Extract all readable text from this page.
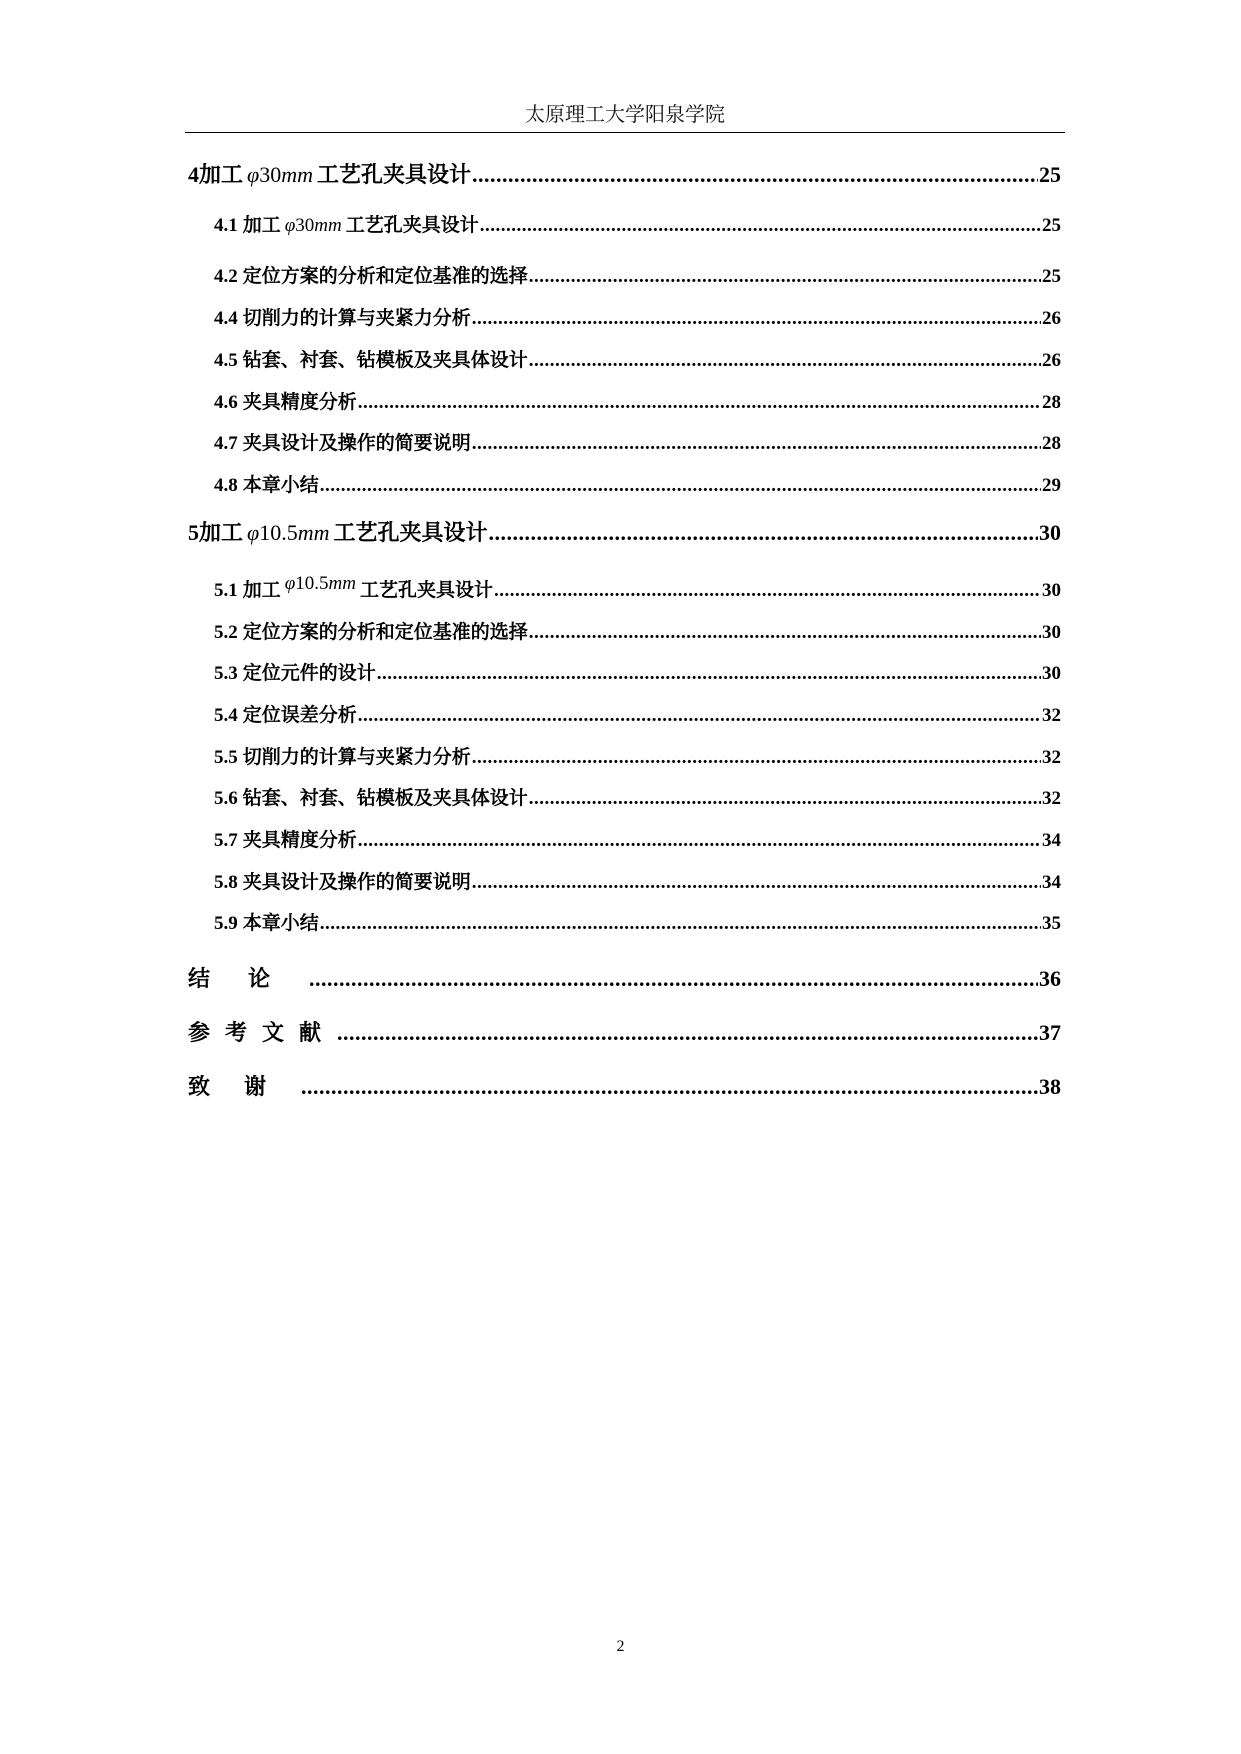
太原理工大学阳泉学院
4 加工 φ30mm 工艺孔夹具设计 .....	25
4.1 加工 φ30mm 工艺孔夹具设计 .....	25
4.2 定位方案的分析和定位基准的选择 .....	25
4.4 切削力的计算与夹紧力分析 .....	26
4.5 钻套、衬套、钻模板及夹具体设计 .....	26
4.6 夹具精度分析 .....	28
4.7 夹具设计及操作的简要说明 .....	28
4.8 本章小结 .....	29
5 加工 φ10.5mm 工艺孔夹具设计 .....	30
5.1 加工 φ10.5mm 工艺孔夹具设计 .....	30
5.2 定位方案的分析和定位基准的选择 .....	30
5.3 定位元件的设计 .....	30
5.4 定位误差分析 .....	32
5.5 切削力的计算与夹紧力分析 .....	32
5.6 钻套、衬套、钻模板及夹具体设计 .....	32
5.7 夹具精度分析 .....	34
5.8 夹具设计及操作的简要说明 .....	34
5.9 本章小结 .....	35
结论 .....	36
参考文献 .....	37
致谢 .....	38
2
